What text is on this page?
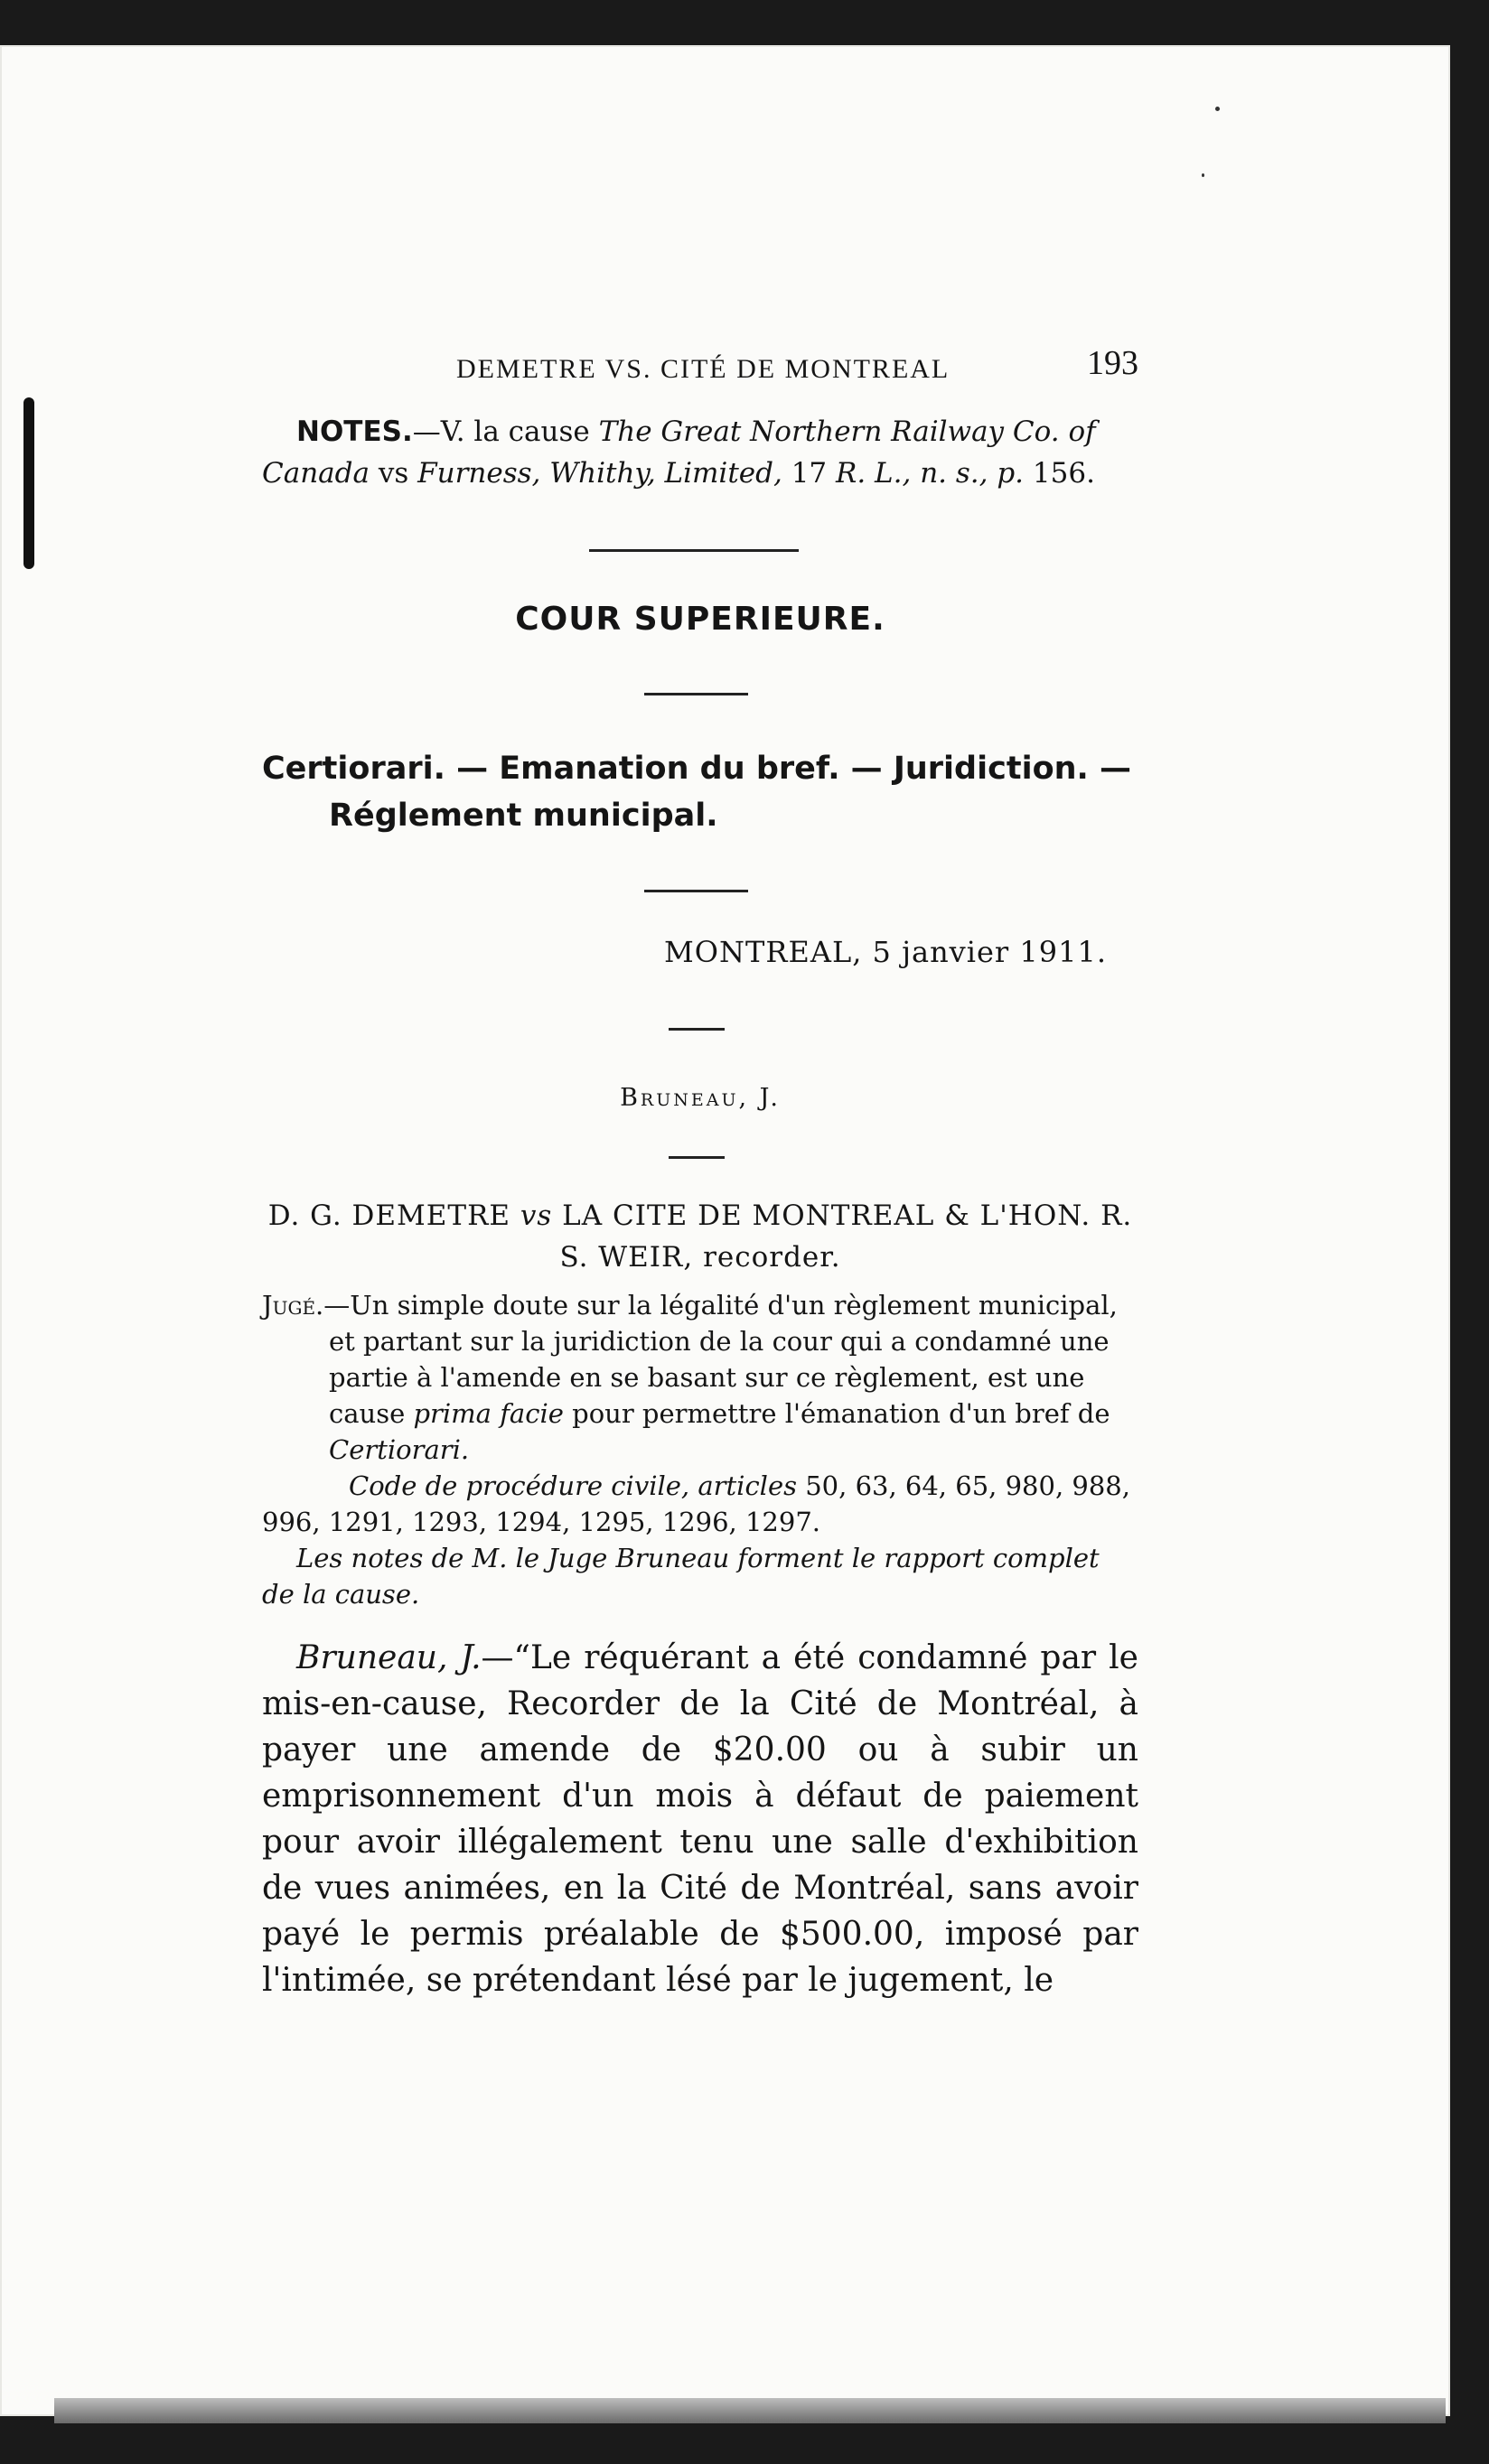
DEMETRE VS. CITÉ DE MONTREAL	193
NOTES.—V. la cause The Great Northern Railway Co. of Canada vs Furness, Whithy, Limited, 17 R. L., n. s., p. 156.
COUR SUPERIEURE.
Certiorari. — Emanation du bref. — Juridiction. — Réglement municipal.
MONTREAL, 5 janvier 1911.
Bruneau, J.
D. G. DEMETRE vs LA CITE DE MONTREAL & L'HON. R. S. WEIR, recorder.

Jugé.—Un simple doute sur la légalité d'un règlement municipal, et partant sur la juridiction de la cour qui a condamné une partie à l'amende en se basant sur ce règlement, est une cause prima facie pour permettre l'émanation d'un bref de Certiorari.

Code de procédure civile, articles 50, 63, 64, 65, 980, 988, 996, 1291, 1293, 1294, 1295, 1296, 1297.

Les notes de M. le Juge Bruneau forment le rapport complet de la cause.

Bruneau, J.—“Le réquérant a été condamné par le mis-en-cause, Recorder de la Cité de Montréal, à payer une amende de $20.00 ou à subir un emprisonnement d'un mois à défaut de paiement pour avoir illégalement tenu une salle d'exhibition de vues animées, en la Cité de Montréal, sans avoir payé le permis préalable de $500.00, imposé par l'intimée, se prétendant lésé par le jugement, le
